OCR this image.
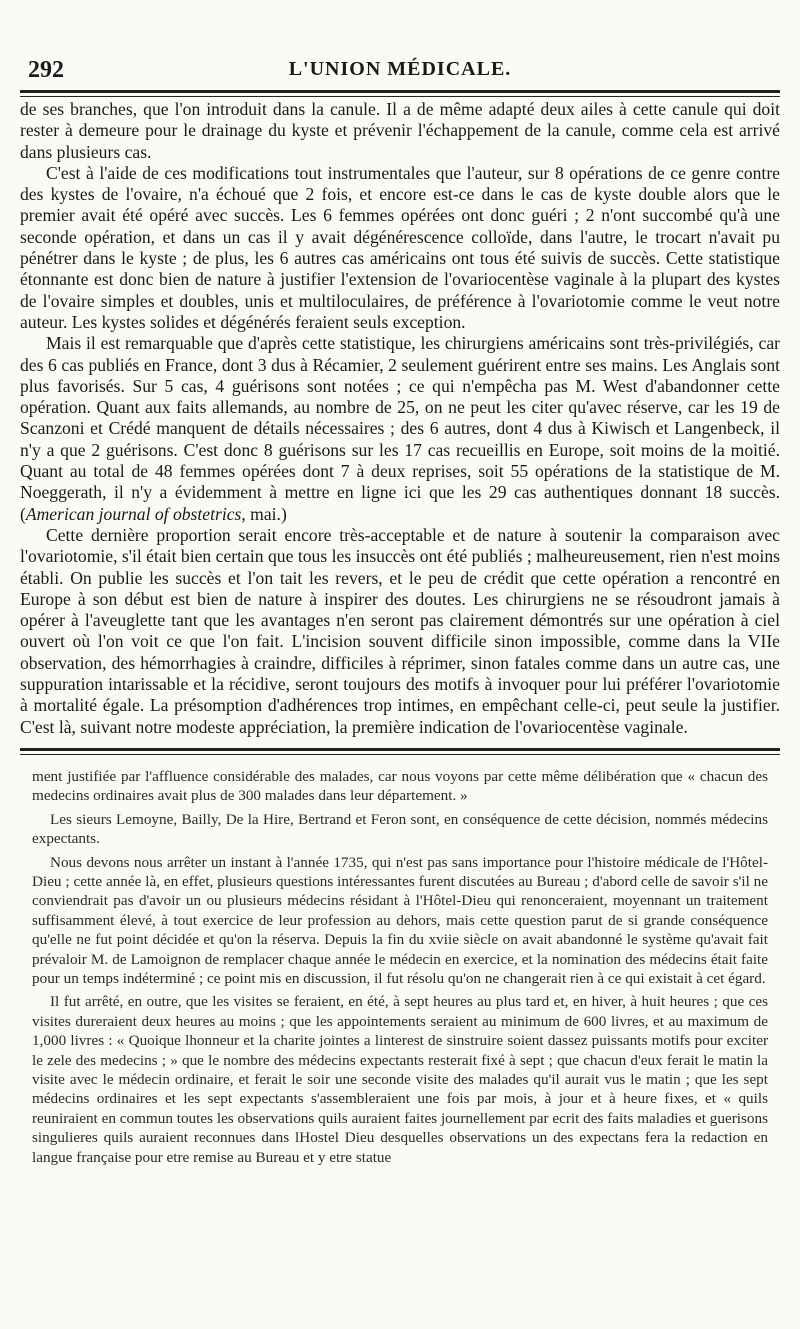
292	L'UNION MÉDICALE.

de ses branches, que l'on introduit dans la canule. Il a de même adapté deux ailes à cette canule qui doit rester à demeure pour le drainage du kyste et prévenir l'échappement de la canule, comme cela est arrivé dans plusieurs cas.

C'est à l'aide de ces modifications tout instrumentales que l'auteur, sur 8 opérations de ce genre contre des kystes de l'ovaire, n'a échoué que 2 fois, et encore est-ce dans le cas de kyste double alors que le premier avait été opéré avec succès. Les 6 femmes opérées ont donc guéri ; 2 n'ont succombé qu'à une seconde opération, et dans un cas il y avait dégénérescence colloïde, dans l'autre, le trocart n'avait pu pénétrer dans le kyste ; de plus, les 6 autres cas américains ont tous été suivis de succès. Cette statistique étonnante est donc bien de nature à justifier l'extension de l'ovariocentèse vaginale à la plupart des kystes de l'ovaire simples et doubles, unis et multiloculaires, de préférence à l'ovariotomie comme le veut notre auteur. Les kystes solides et dégénérés feraient seuls exception.

Mais il est remarquable que d'après cette statistique, les chirurgiens américains sont très-privilégiés, car des 6 cas publiés en France, dont 3 dus à Récamier, 2 seulement guérirent entre ses mains. Les Anglais sont plus favorisés. Sur 5 cas, 4 guérisons sont notées ; ce qui n'empêcha pas M. West d'abandonner cette opération. Quant aux faits allemands, au nombre de 25, on ne peut les citer qu'avec réserve, car les 19 de Scanzoni et Crédé manquent de détails nécessaires ; des 6 autres, dont 4 dus à Kiwisch et Langenbeck, il n'y a que 2 guérisons. C'est donc 8 guérisons sur les 17 cas recueillis en Europe, soit moins de la moitié. Quant au total de 48 femmes opérées dont 7 à deux reprises, soit 55 opérations de la statistique de M. Noeggerath, il n'y a évidemment à mettre en ligne ici que les 29 cas authentiques donnant 18 succès. (American journal of obstetrics, mai.)

Cette dernière proportion serait encore très-acceptable et de nature à soutenir la comparaison avec l'ovariotomie, s'il était bien certain que tous les insuccès ont été publiés ; malheureusement, rien n'est moins établi. On publie les succès et l'on tait les revers, et le peu de crédit que cette opération a rencontré en Europe à son début est bien de nature à inspirer des doutes. Les chirurgiens ne se résoudront jamais à opérer à l'aveuglette tant que les avantages n'en seront pas clairement démontrés sur une opération à ciel ouvert où l'on voit ce que l'on fait. L'incision souvent difficile sinon impossible, comme dans la VIIe observation, des hémorrhagies à craindre, difficiles à réprimer, sinon fatales comme dans un autre cas, une suppuration intarissable et la récidive, seront toujours des motifs à invoquer pour lui préférer l'ovariotomie à mortalité égale. La présomption d'adhérences trop intimes, en empêchant celle-ci, peut seule la justifier. C'est là, suivant notre modeste appréciation, la première indication de l'ovariocentèse vaginale.

ment justifiée par l'affluence considérable des malades, car nous voyons par cette même délibération que « chacun des medecins ordinaires avait plus de 300 malades dans leur département. »

Les sieurs Lemoyne, Bailly, De la Hire, Bertrand et Feron sont, en conséquence de cette décision, nommés médecins expectants.

Nous devons nous arrêter un instant à l'année 1735, qui n'est pas sans importance pour l'histoire médicale de l'Hôtel-Dieu ; cette année là, en effet, plusieurs questions intéressantes furent discutées au Bureau ; d'abord celle de savoir s'il ne conviendrait pas d'avoir un ou plusieurs médecins résidant à l'Hôtel-Dieu qui renonceraient, moyennant un traitement suffisamment élevé, à tout exercice de leur profession au dehors, mais cette question parut de si grande conséquence qu'elle ne fut point décidée et qu'on la réserva. Depuis la fin du xviie siècle on avait abandonné le système qu'avait fait prévaloir M. de Lamoignon de remplacer chaque année le médecin en exercice, et la nomination des médecins était faite pour un temps indéterminé ; ce point mis en discussion, il fut résolu qu'on ne changerait rien à ce qui existait à cet égard.

Il fut arrêté, en outre, que les visites se feraient, en été, à sept heures au plus tard et, en hiver, à huit heures ; que ces visites dureraient deux heures au moins ; que les appointements seraient au minimum de 600 livres, et au maximum de 1,000 livres : « Quoique lhonneur et la charite jointes a linterest de sinstruire soient dassez puissants motifs pour exciter le zele des medecins ; » que le nombre des médecins expectants resterait fixé à sept ; que chacun d'eux ferait le matin la visite avec le médecin ordinaire, et ferait le soir une seconde visite des malades qu'il aurait vus le matin ; que les sept médecins ordinaires et les sept expectants s'assembleraient une fois par mois, à jour et à heure fixes, et « quils reuniraient en commun toutes les observations quils auraient faites journellement par ecrit des faits maladies et guerisons singulieres quils auraient reconnues dans lHostel Dieu desquelles observations un des expectans fera la redaction en langue française pour etre remise au Bureau et y etre statue
